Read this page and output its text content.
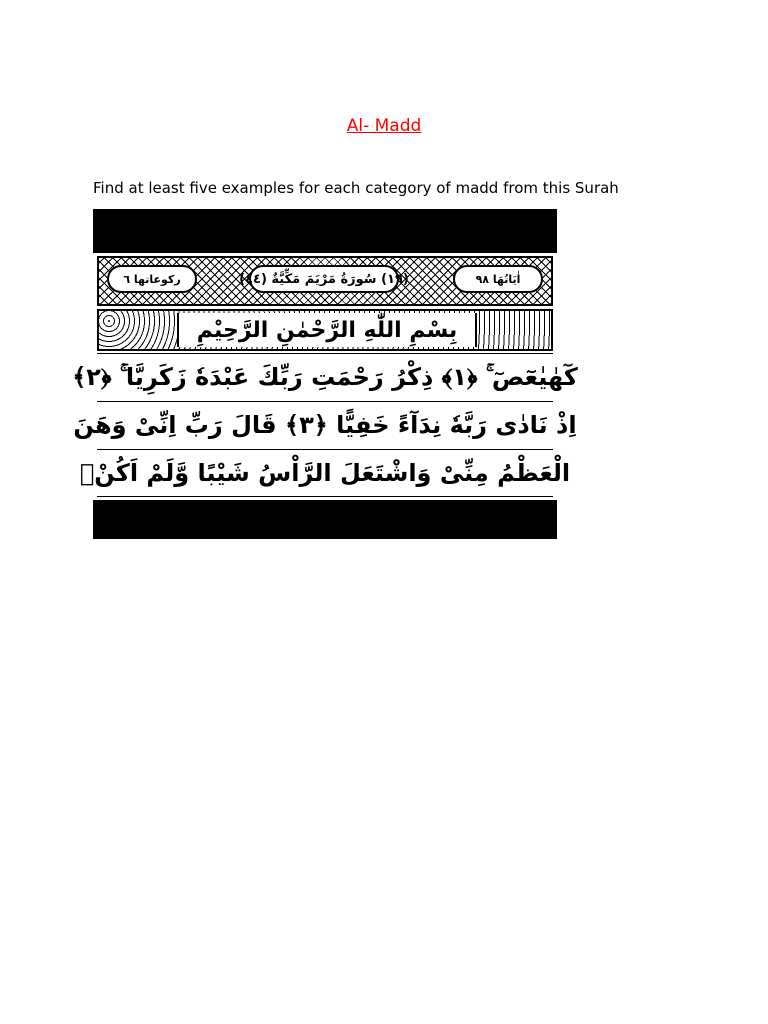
Al- Madd
Find at least five examples for each category of madd from this Surah
ركوعاتها ٦	(١٩) سُورَةُ مَرْيَمَ مَكِّيَّةٌ (٤٤)	اٰيَاتُهَا ٩٨
بِسْمِ اللّٰهِ الرَّحْمٰنِ الرَّحِيْمِ
كٓهٰيٰعٓصٓ ۚ ﴿١﴾ ذِكْرُ رَحْمَتِ رَبِّكَ عَبْدَهٗ زَكَرِيَّا ۚ ﴿٢﴾
اِذْ نَادٰى رَبَّهٗ نِدَآءً خَفِيًّا ﴿٣﴾ قَالَ رَبِّ اِنِّىْ وَهَنَ
الْعَظْمُ مِنِّىْ وَاشْتَعَلَ الرَّاْسُ شَيْبًا وَّلَمْ اَكُنْۢ
